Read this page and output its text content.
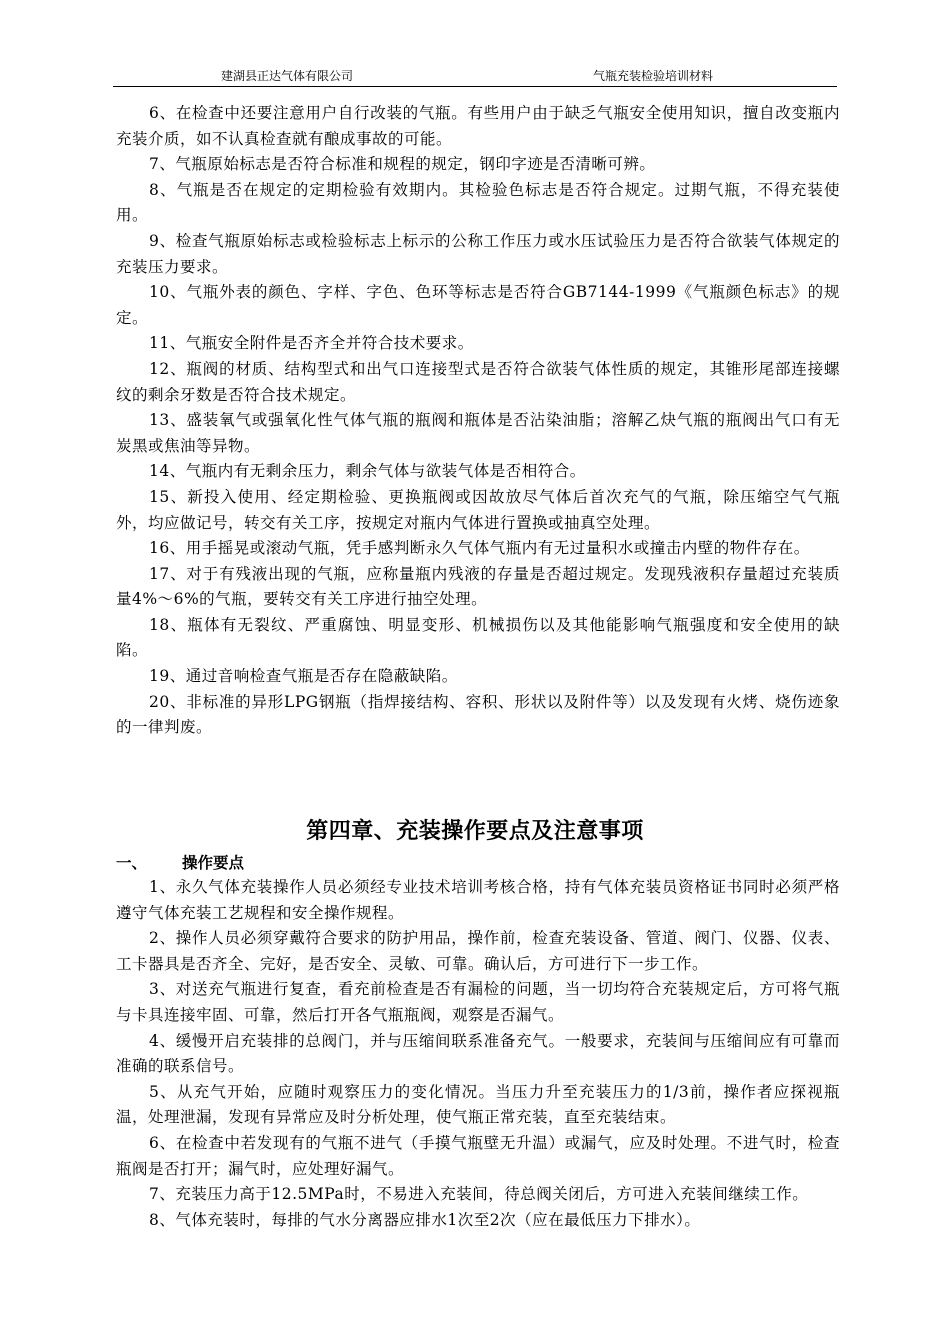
建湖县正达气体有限公司	气瓶充装检验培训材料

6、在检查中还要注意用户自行改装的气瓶。有些用户由于缺乏气瓶安全使用知识，擅自改变瓶内充装介质，如不认真检查就有酿成事故的可能。

7、气瓶原始标志是否符合标准和规程的规定，钢印字迹是否清晰可辨。

8、气瓶是否在规定的定期检验有效期内。其检验色标志是否符合规定。过期气瓶，不得充装使用。

9、检查气瓶原始标志或检验标志上标示的公称工作压力或水压试验压力是否符合欲装气体规定的充装压力要求。

10、气瓶外表的颜色、字样、字色、色环等标志是否符合GB7144-1999《气瓶颜色标志》的规定。

11、气瓶安全附件是否齐全并符合技术要求。

12、瓶阀的材质、结构型式和出气口连接型式是否符合欲装气体性质的规定，其锥形尾部连接螺纹的剩余牙数是否符合技术规定。

13、盛装氧气或强氧化性气体气瓶的瓶阀和瓶体是否沾染油脂；溶解乙炔气瓶的瓶阀出气口有无炭黑或焦油等异物。

14、气瓶内有无剩余压力，剩余气体与欲装气体是否相符合。

15、新投入使用、经定期检验、更换瓶阀或因故放尽气体后首次充气的气瓶，除压缩空气气瓶外，均应做记号，转交有关工序，按规定对瓶内气体进行置换或抽真空处理。

16、用手摇晃或滚动气瓶，凭手感判断永久气体气瓶内有无过量积水或撞击内壁的物件存在。

17、对于有残液出现的气瓶，应称量瓶内残液的存量是否超过规定。发现残液积存量超过充装质量4%～6%的气瓶，要转交有关工序进行抽空处理。

18、瓶体有无裂纹、严重腐蚀、明显变形、机械损伤以及其他能影响气瓶强度和安全使用的缺陷。

19、通过音响检查气瓶是否存在隐蔽缺陷。

20、非标准的异形LPG钢瓶（指焊接结构、容积、形状以及附件等）以及发现有火烤、烧伤迹象的一律判废。

第四章、充装操作要点及注意事项

一、 操作要点

1、永久气体充装操作人员必须经专业技术培训考核合格，持有气体充装员资格证书同时必须严格遵守气体充装工艺规程和安全操作规程。

2、操作人员必须穿戴符合要求的防护用品，操作前，检查充装设备、管道、阀门、仪器、仪表、工卡器具是否齐全、完好，是否安全、灵敏、可靠。确认后，方可进行下一步工作。

3、对送充气瓶进行复查，看充前检查是否有漏检的问题，当一切均符合充装规定后，方可将气瓶与卡具连接牢固、可靠，然后打开各气瓶瓶阀，观察是否漏气。

4、缓慢开启充装排的总阀门，并与压缩间联系准备充气。一般要求，充装间与压缩间应有可靠而准确的联系信号。

5、从充气开始，应随时观察压力的变化情况。当压力升至充装压力的1/3前，操作者应探视瓶温，处理泄漏，发现有异常应及时分析处理，使气瓶正常充装，直至充装结束。

6、在检查中若发现有的气瓶不进气（手摸气瓶壁无升温）或漏气，应及时处理。不进气时，检查瓶阀是否打开；漏气时，应处理好漏气。

7、充装压力高于12.5MPa时，不易进入充装间，待总阀关闭后，方可进入充装间继续工作。

8、气体充装时，每排的气水分离器应排水1次至2次（应在最低压力下排水）。
